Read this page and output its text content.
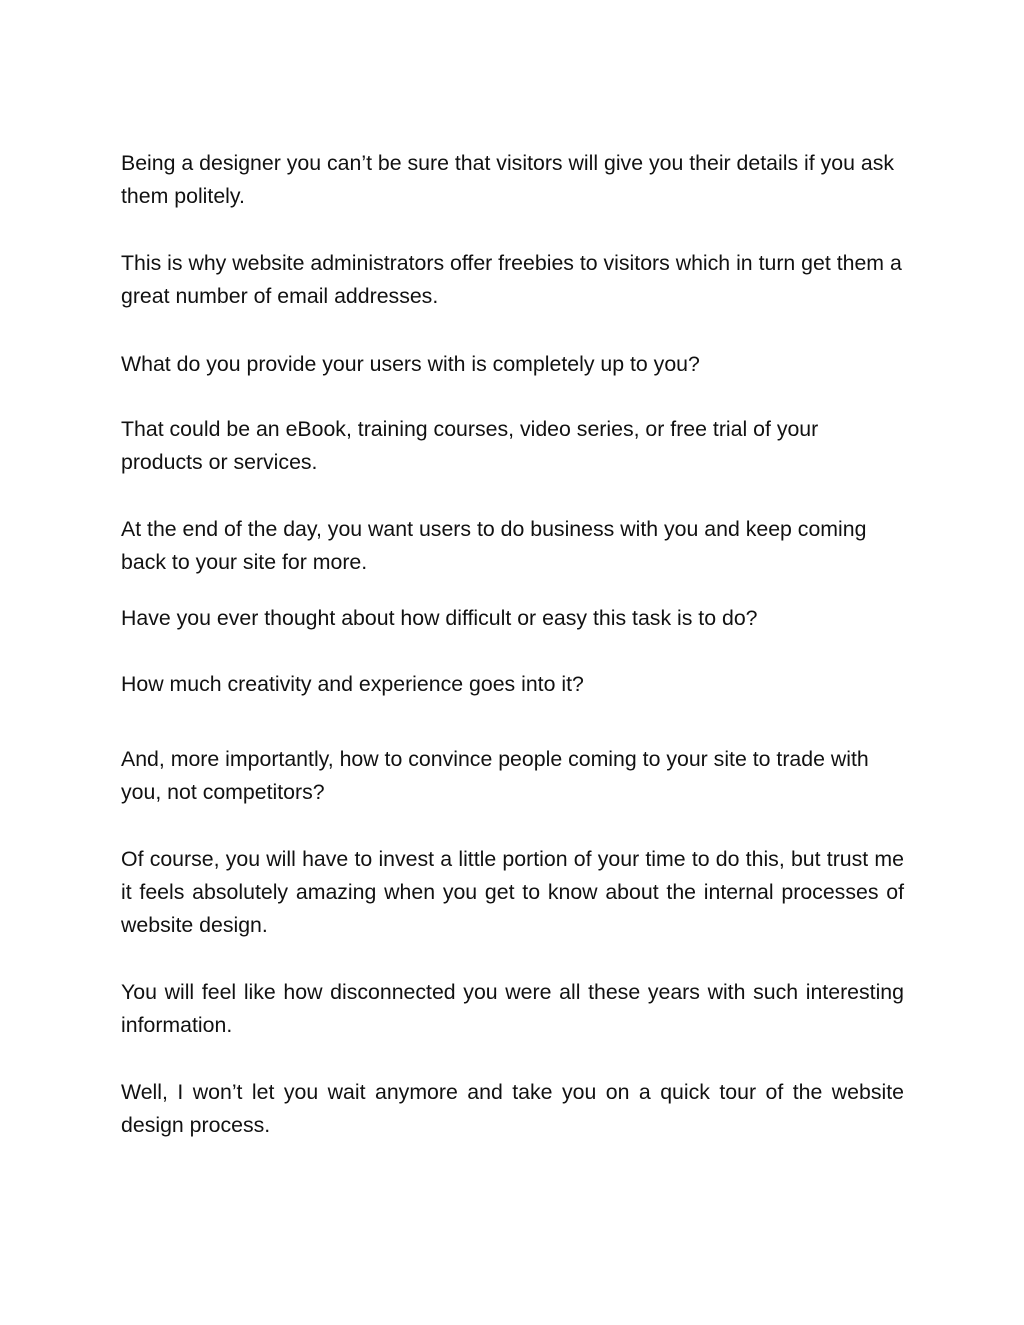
Being a designer you can’t be sure that visitors will give you their details if you ask them politely.

This is why website administrators offer freebies to visitors which in turn get them a great number of email addresses.

What do you provide your users with is completely up to you?

That could be an eBook, training courses, video series, or free trial of your products or services.

At the end of the day, you want users to do business with you and keep coming back to your site for more.

Have you ever thought about how difficult or easy this task is to do?

How much creativity and experience goes into it?

And, more importantly, how to convince people coming to your site to trade with you, not competitors?

Of course, you will have to invest a little portion of your time to do this, but trust me it feels absolutely amazing when you get to know about the internal processes of website design.

You will feel like how disconnected you were all these years with such interesting information.

Well, I won’t let you wait anymore and take you on a quick tour of the website design process.
